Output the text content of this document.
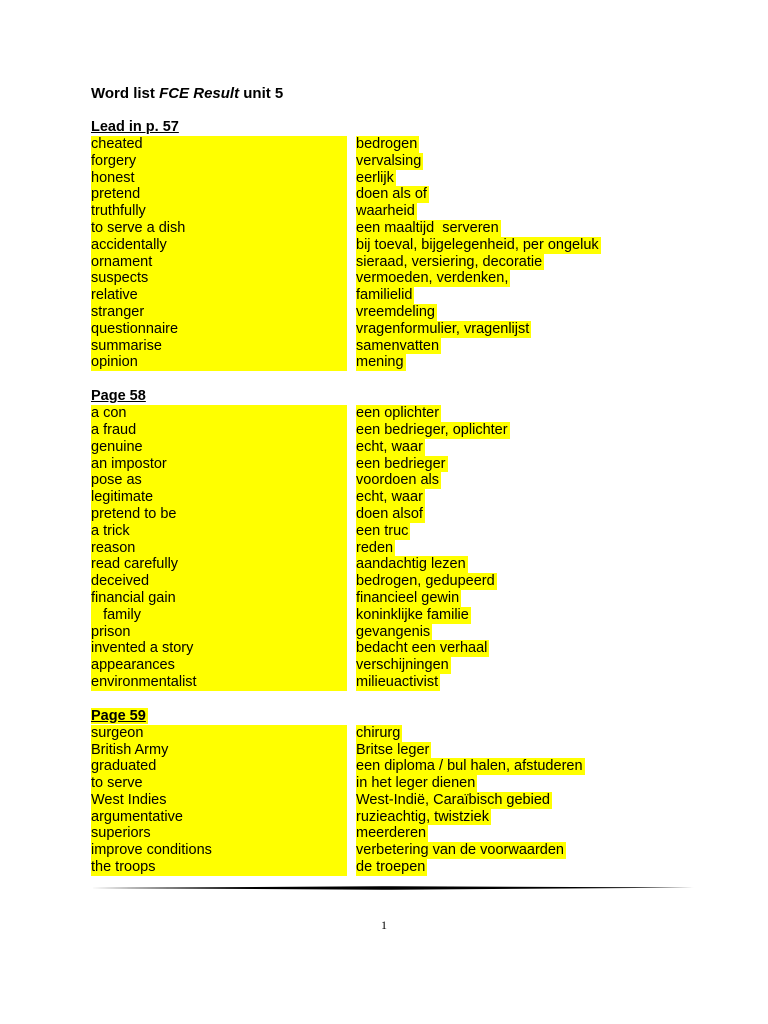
Word list FCE Result unit 5
Lead in p. 57
cheated	bedrogen
forgery	vervalsing
honest	eerlijk
pretend	doen als of
truthfully	waarheid
to serve a dish	een maaltijd  serveren
accidentally	bij toeval, bijgelegenheid, per ongeluk
ornament	sieraad, versiering, decoratie
suspects	vermoeden, verdenken,
relative	familielid
stranger	vreemdeling
questionnaire	vragenformulier, vragenlijst
summarise	samenvatten
opinion	mening
Page 58
a con	een oplichter
a fraud	een bedrieger, oplichter
genuine	echt, waar
an impostor	een bedrieger
pose as	voordoen als
legitimate	echt, waar
pretend to be	doen alsof
a trick	een truc
reason	reden
read carefully	aandachtig lezen
deceived	bedrogen, gedupeerd
financial gain	financieel gewin
family	koninklijke familie
prison	gevangenis
invented a story	bedacht een verhaal
appearances	verschijningen
environmentalist	milieuactivist
Page 59
surgeon	chirurg
British Army	Britse leger
graduated	een diploma / bul halen, afstuderen
to serve	in het leger dienen
West Indies	West-Indië, Caraïbisch gebied
argumentative	ruzieachtig, twistziek
superiors	meerderen
improve conditions	verbetering van de voorwaarden
the troops	de troepen
1
